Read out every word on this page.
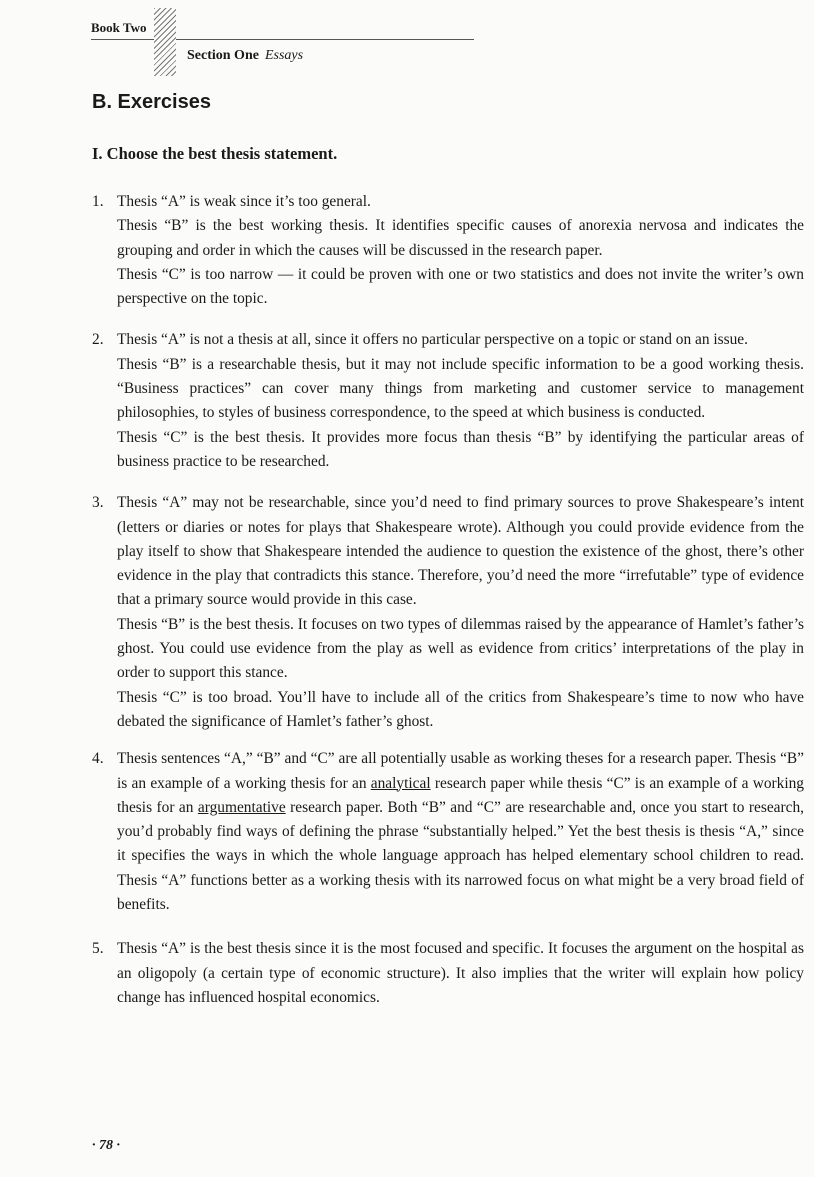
Book Two
Section One Essays
B. Exercises
I. Choose the best thesis statement.
1. Thesis “A” is weak since it’s too general.

Thesis “B” is the best working thesis. It identifies specific causes of anorexia nervosa and indicates the grouping and order in which the causes will be discussed in the research paper.

Thesis “C” is too narrow — it could be proven with one or two statistics and does not invite the writer’s own perspective on the topic.

2. Thesis “A” is not a thesis at all, since it offers no particular perspective on a topic or stand on an issue.

Thesis “B” is a researchable thesis, but it may not include specific information to be a good working thesis. “Business practices” can cover many things from marketing and customer service to management philosophies, to styles of business correspondence, to the speed at which business is conducted.

Thesis “C” is the best thesis. It provides more focus than thesis “B” by identifying the particular areas of business practice to be researched.

3. Thesis “A” may not be researchable, since you’d need to find primary sources to prove Shakespeare’s intent (letters or diaries or notes for plays that Shakespeare wrote). Although you could provide evidence from the play itself to show that Shakespeare intended the audience to question the existence of the ghost, there’s other evidence in the play that contradicts this stance. Therefore, you’d need the more “irrefutable” type of evidence that a primary source would provide in this case.

Thesis “B” is the best thesis. It focuses on two types of dilemmas raised by the appearance of Hamlet’s father’s ghost. You could use evidence from the play as well as evidence from critics’ interpretations of the play in order to support this stance.

Thesis “C” is too broad. You’ll have to include all of the critics from Shakespeare’s time to now who have debated the significance of Hamlet’s father’s ghost.

4. Thesis sentences “A,” “B” and “C” are all potentially usable as working theses for a research paper. Thesis “B” is an example of a working thesis for an analytical research paper while thesis “C” is an example of a working thesis for an argumentative research paper. Both “B” and “C” are researchable and, once you start to research, you’d probably find ways of defining the phrase “substantially helped.” Yet the best thesis is thesis “A,” since it specifies the ways in which the whole language approach has helped elementary school children to read. Thesis “A” functions better as a working thesis with its narrowed focus on what might be a very broad field of benefits.

5. Thesis “A” is the best thesis since it is the most focused and specific. It focuses the argument on the hospital as an oligopoly (a certain type of economic structure). It also implies that the writer will explain how policy change has influenced hospital economics.

· 78 ·
